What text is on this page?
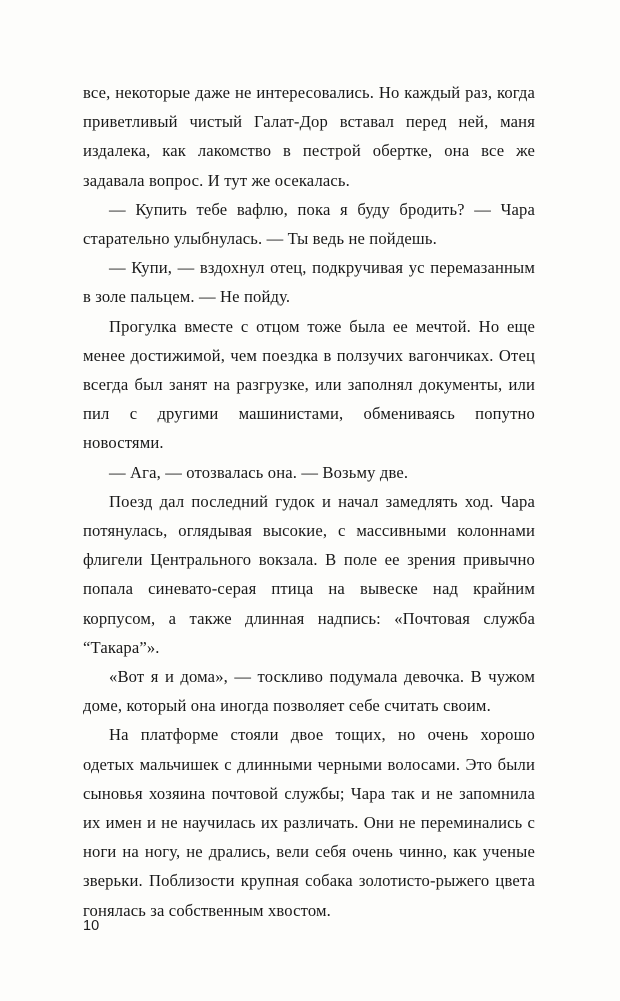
все, некоторые даже не интересовались. Но каждый раз, когда приветливый чистый Галат-Дор вставал перед ней, маня издалека, как лакомство в пестрой обертке, она все же задавала вопрос. И тут же осекалась.

— Купить тебе вафлю, пока я буду бродить? — Чара старательно улыбнулась. — Ты ведь не пойдешь.

— Купи, — вздохнул отец, подкручивая ус перемазанным в золе пальцем. — Не пойду.

Прогулка вместе с отцом тоже была ее мечтой. Но еще менее достижимой, чем поездка в ползучих вагончиках. Отец всегда был занят на разгрузке, или заполнял документы, или пил с другими машинистами, обмениваясь попутно новостями.

— Ага, — отозвалась она. — Возьму две.

Поезд дал последний гудок и начал замедлять ход. Чара потянулась, оглядывая высокие, с массивными колоннами флигели Центрального вокзала. В поле ее зрения привычно попала синевато-серая птица на вывеске над крайним корпусом, а также длинная надпись: «Почтовая служба “Такара”».

«Вот я и дома», — тоскливо подумала девочка. В чужом доме, который она иногда позволяет себе считать своим.

На платформе стояли двое тощих, но очень хорошо одетых мальчишек с длинными черными волосами. Это были сыновья хозяина почтовой службы; Чара так и не запомнила их имен и не научилась их различать. Они не переминались с ноги на ногу, не дрались, вели себя очень чинно, как ученые зверьки. Поблизости крупная собака золотисто-рыжего цвета гонялась за собственным хвостом.

10
